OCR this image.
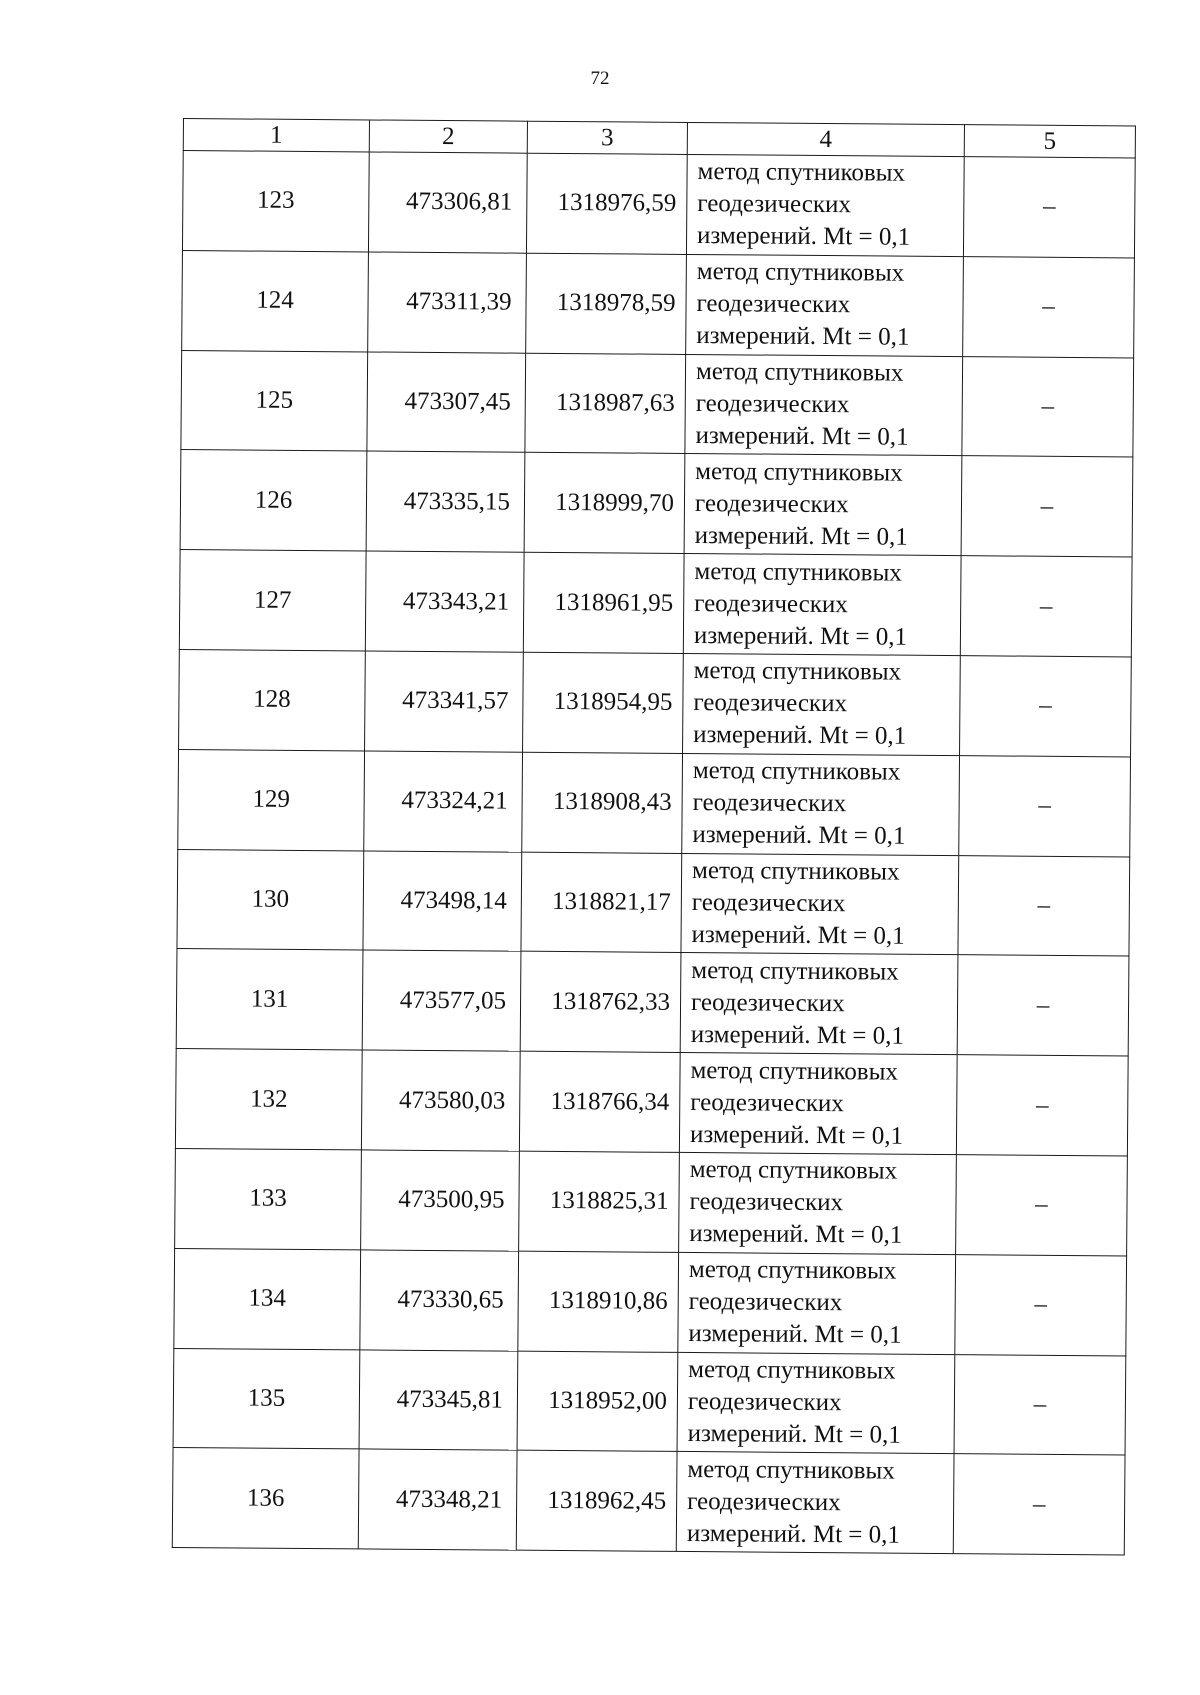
72
1	2	3	4	5
123	473306,81	1318976,59	метод спутниковых
геодезических
измерений. Mt = 0,1	–
124	473311,39	1318978,59	метод спутниковых
геодезических
измерений. Mt = 0,1	–
125	473307,45	1318987,63	метод спутниковых
геодезических
измерений. Mt = 0,1	–
126	473335,15	1318999,70	метод спутниковых
геодезических
измерений. Mt = 0,1	–
127	473343,21	1318961,95	метод спутниковых
геодезических
измерений. Mt = 0,1	–
128	473341,57	1318954,95	метод спутниковых
геодезических
измерений. Mt = 0,1	–
129	473324,21	1318908,43	метод спутниковых
геодезических
измерений. Mt = 0,1	–
130	473498,14	1318821,17	метод спутниковых
геодезических
измерений. Mt = 0,1	–
131	473577,05	1318762,33	метод спутниковых
геодезических
измерений. Mt = 0,1	–
132	473580,03	1318766,34	метод спутниковых
геодезических
измерений. Mt = 0,1	–
133	473500,95	1318825,31	метод спутниковых
геодезических
измерений. Mt = 0,1	–
134	473330,65	1318910,86	метод спутниковых
геодезических
измерений. Mt = 0,1	–
135	473345,81	1318952,00	метод спутниковых
геодезических
измерений. Mt = 0,1	–
136	473348,21	1318962,45	метод спутниковых
геодезических
измерений. Mt = 0,1	–
